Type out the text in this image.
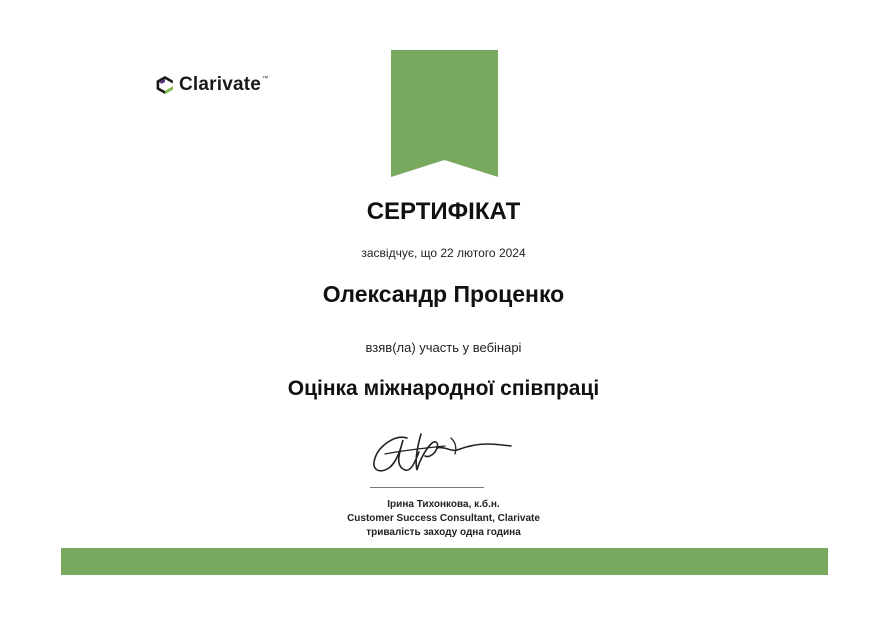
Clarivate ™
СЕРТИФІКАТ
засвідчує, що 22 лютого 2024
Олександр Проценко
взяв(ла) участь у вебінарі
Оцінка міжнародної співпраці
Ірина Тихонкова, к.б.н.
Customer Success Consultant, Clarivate
тривалість заходу одна година
